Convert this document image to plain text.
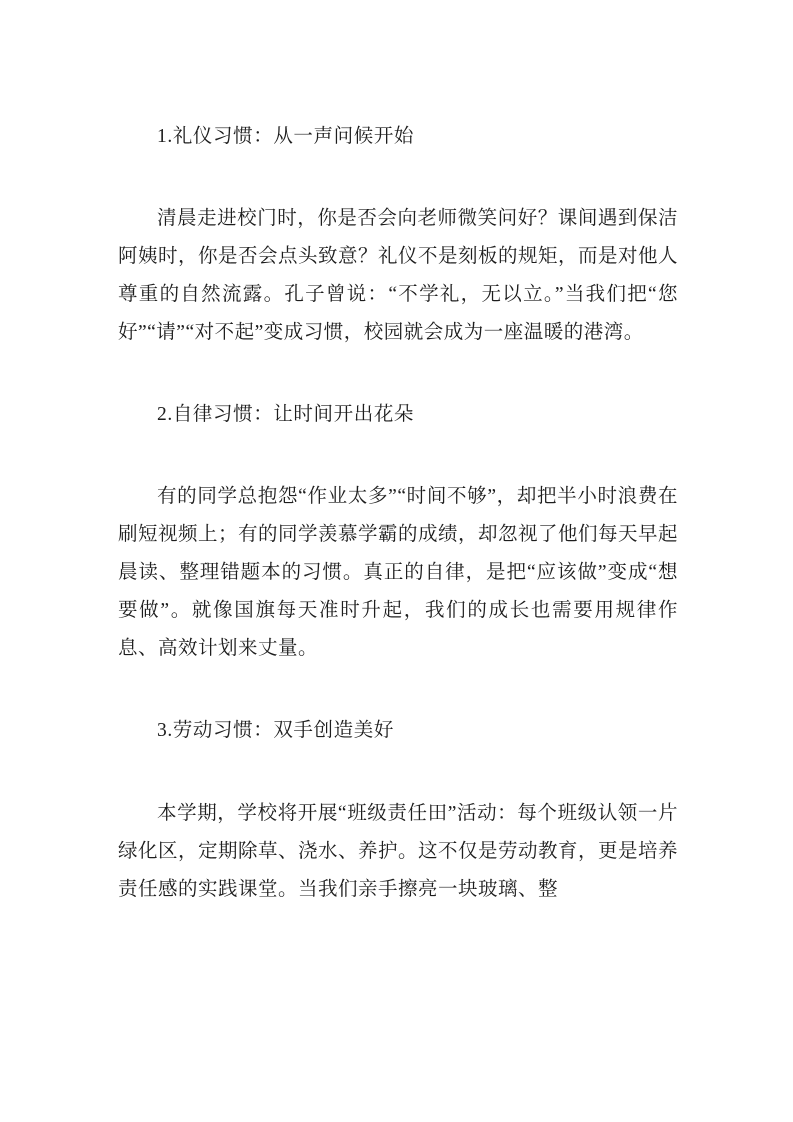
1.礼仪习惯：从一声问候开始

清晨走进校门时，你是否会向老师微笑问好？课间遇到保洁阿姨时，你是否会点头致意？礼仪不是刻板的规矩，而是对他人尊重的自然流露。孔子曾说：“不学礼，无以立。”当我们把“您好”“请”“对不起”变成习惯，校园就会成为一座温暖的港湾。

2.自律习惯：让时间开出花朵

有的同学总抱怨“作业太多”“时间不够”，却把半小时浪费在刷短视频上；有的同学羡慕学霸的成绩，却忽视了他们每天早起晨读、整理错题本的习惯。真正的自律，是把“应该做”变成“想要做”。就像国旗每天准时升起，我们的成长也需要用规律作息、高效计划来丈量。

3.劳动习惯：双手创造美好

本学期，学校将开展“班级责任田”活动：每个班级认领一片绿化区，定期除草、浇水、养护。这不仅是劳动教育，更是培养责任感的实践课堂。当我们亲手擦亮一块玻璃、整
